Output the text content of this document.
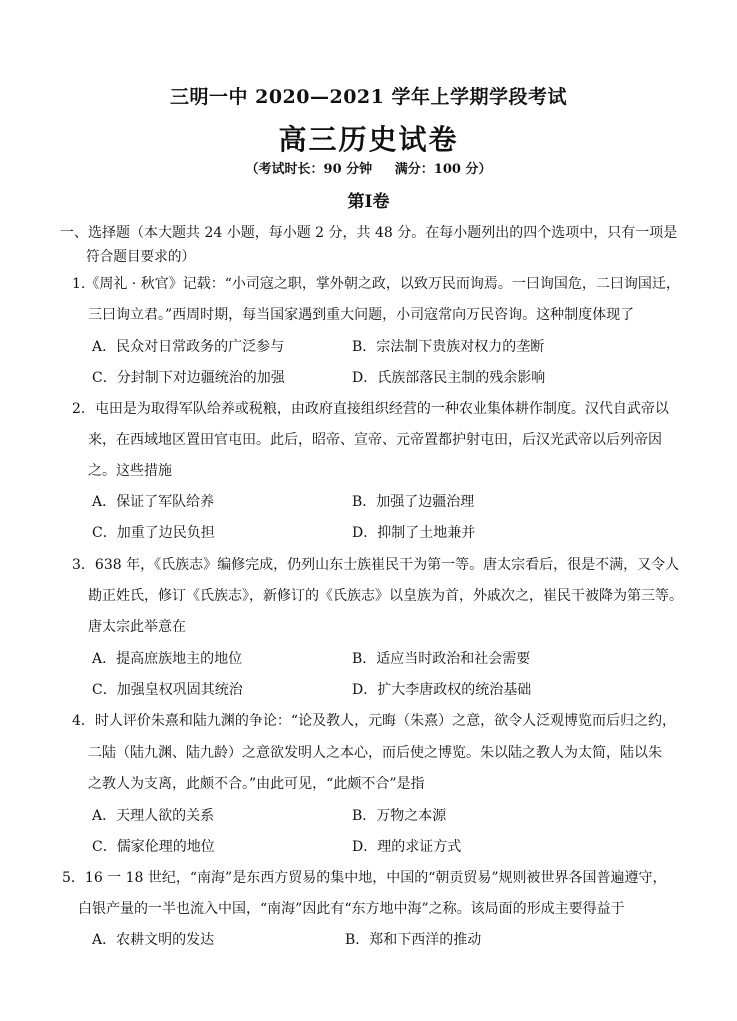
三明一中 2020—2021 学年上学期学段考试
高三历史试卷
（考试时长：90 分钟     满分：100 分）
第Ⅰ卷
一、选择题（本大题共 24 小题，每小题 2 分，共 48 分。在每小题列出的四个选项中，只有一项是
符合题目要求的）
1.《周礼 · 秋官》记载：“小司寇之职，掌外朝之政，以致万民而询焉。一曰询国危，二曰询国迁，
三曰询立君。”西周时期，每当国家遇到重大问题，小司寇常向万民咨询。这种制度体现了
A．民众对日常政务的广泛参与	B．宗法制下贵族对权力的垄断
C．分封制下对边疆统治的加强	D．氏族部落民主制的残余影响
2．屯田是为取得军队给养或税粮，由政府直接组织经营的一种农业集体耕作制度。汉代自武帝以
来，在西域地区置田官屯田。此后，昭帝、宣帝、元帝置都护射屯田，后汉光武帝以后列帝因
之。这些措施
A．保证了军队给养	B．加强了边疆治理
C．加重了边民负担	D．抑制了土地兼并
3．638 年，《氏族志》编修完成，仍列山东士族崔民干为第一等。唐太宗看后，很是不满，又令人
勘正姓氏，修订《氏族志》，新修订的《氏族志》以皇族为首，外戚次之，崔民干被降为第三等。
唐太宗此举意在
A．提高庶族地主的地位	B．适应当时政治和社会需要
C．加强皇权巩固其统治	D．扩大李唐政权的统治基础
4．时人评价朱熹和陆九渊的争论：“论及教人，元晦（朱熹）之意，欲令人泛观博览而后归之约，
二陆（陆九渊、陆九龄）之意欲发明人之本心，而后使之博览。朱以陆之教人为太简，陆以朱
之教人为支离，此颇不合。”由此可见，“此颇不合”是指
A．天理人欲的关系	B．万物之本源
C．儒家伦理的地位	D．理的求证方式
5．16 一 18 世纪，“南海”是东西方贸易的集中地，中国的“朝贡贸易”规则被世界各国普遍遵守，
白银产量的一半也流入中国，“南海”因此有“东方地中海”之称。该局面的形成主要得益于
A．农耕文明的发达	B．郑和下西洋的推动
